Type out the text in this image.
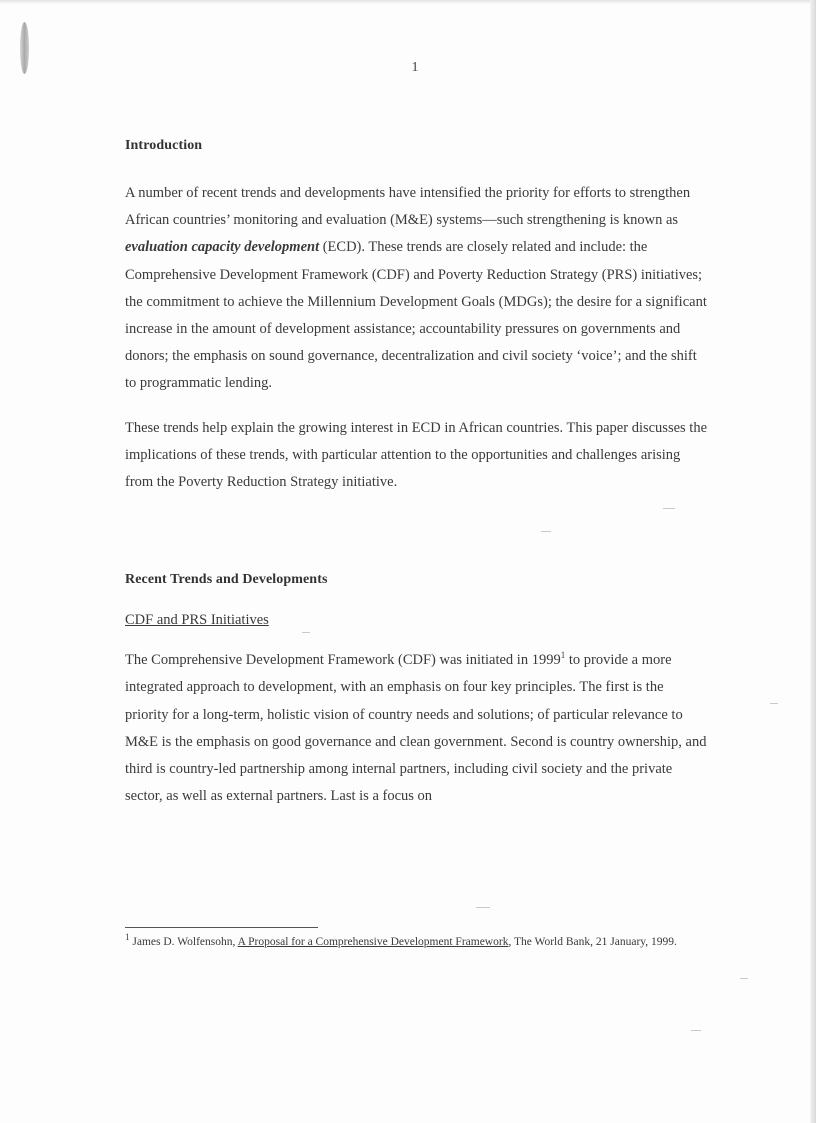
1
Introduction

A number of recent trends and developments have intensified the priority for efforts to strengthen African countries’ monitoring and evaluation (M&E) systems—such strengthening is known as evaluation capacity development (ECD). These trends are closely related and include: the Comprehensive Development Framework (CDF) and Poverty Reduction Strategy (PRS) initiatives; the commitment to achieve the Millennium Development Goals (MDGs); the desire for a significant increase in the amount of development assistance; accountability pressures on governments and donors; the emphasis on sound governance, decentralization and civil society ‘voice’; and the shift to programmatic lending.

These trends help explain the growing interest in ECD in African countries. This paper discusses the implications of these trends, with particular attention to the opportunities and challenges arising from the Poverty Reduction Strategy initiative.

Recent Trends and Developments

CDF and PRS Initiatives

The Comprehensive Development Framework (CDF) was initiated in 1999$^1$ to provide a more integrated approach to development, with an emphasis on four key principles. The first is the priority for a long-term, holistic vision of country needs and solutions; of particular relevance to M&E is the emphasis on good governance and clean government. Second is country ownership, and third is country-led partnership among internal partners, including civil society and the private sector, as well as external partners. Last is a focus on

$^1$ James D. Wolfensohn, A Proposal for a Comprehensive Development Framework, The World Bank, 21 January, 1999.
